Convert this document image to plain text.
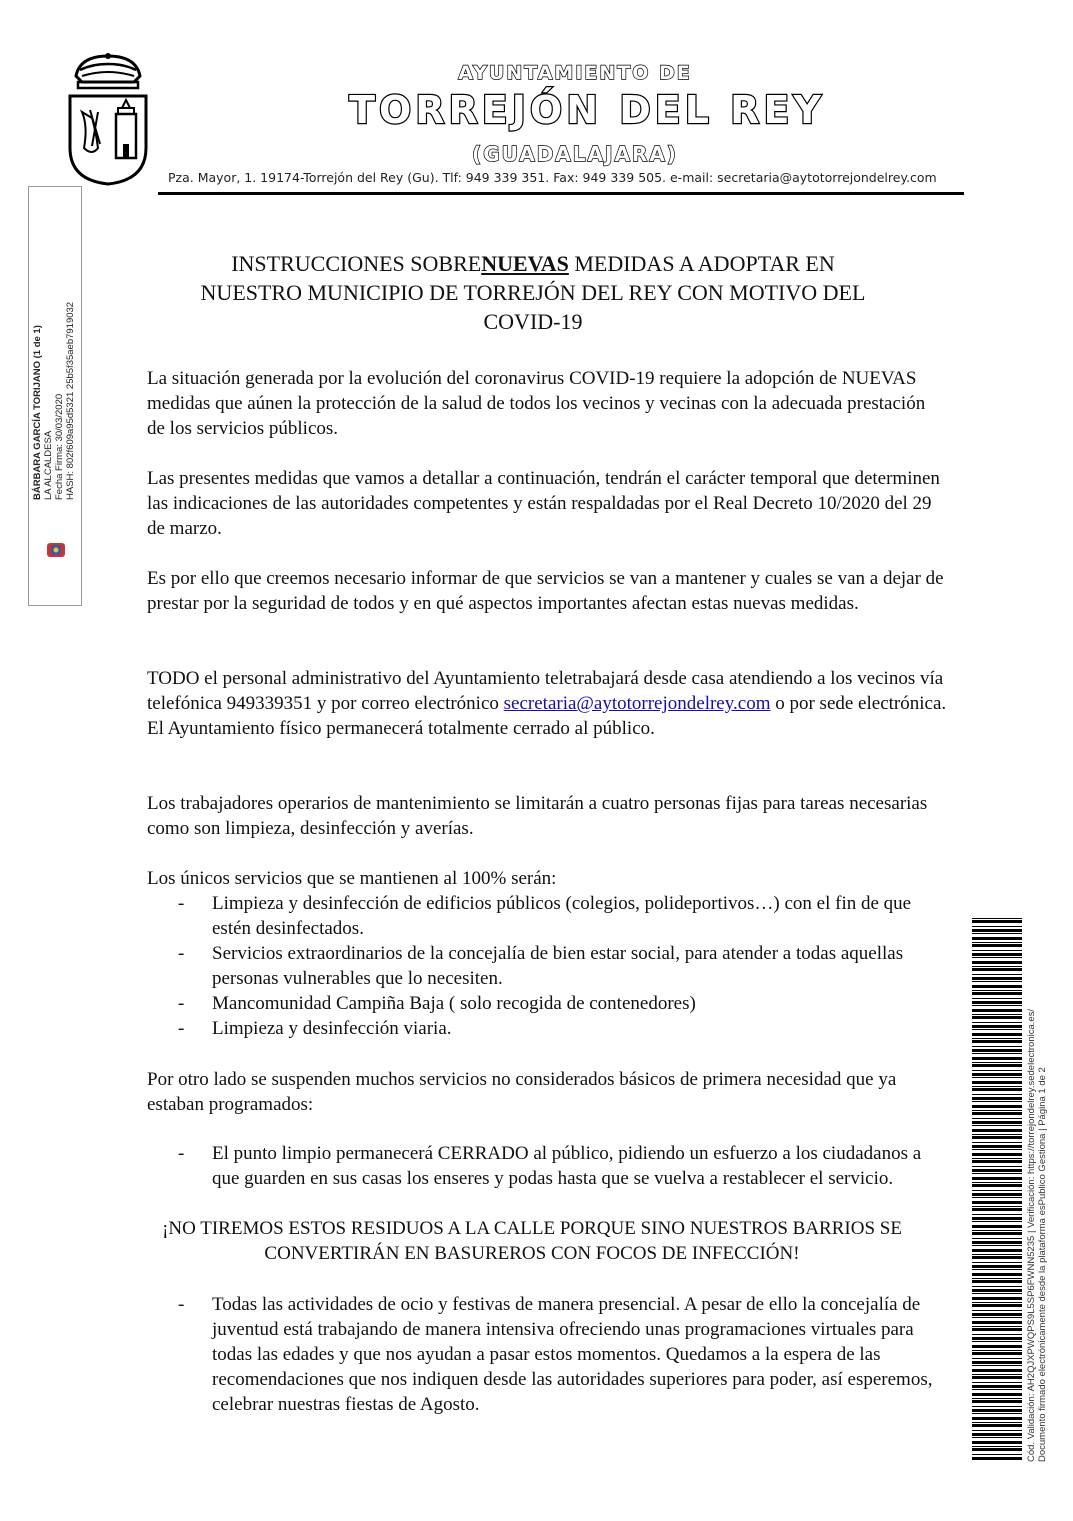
AYUNTAMIENTO DE
TORREJÓN DEL REY
(GUADALAJARA)
Pza. Mayor, 1. 19174-Torrejón del Rey (Gu). Tlf: 949 339 351. Fax: 949 339 505. e-mail: secretaria@aytotorrejondelrey.com
BÁRBARA GARCÍA TORIJANO (1 de 1) LA ALCALDESA Fecha Firma: 30/03/2020 HASH: 802f609a95d5321 25b5f35aeb7919032
Cód. Validación: AH2QJXPWQPS9L5SP6FWNN5235 | Verificación: https://torrejondelrey.sedelectronica.es/ Documento firmado electrónicamente desde la plataforma esPublico Gestiona | Página 1 de 2
INSTRUCCIONES SOBRENUEVAS MEDIDAS A ADOPTAR EN
NUESTRO MUNICIPIO DE TORREJÓN DEL REY CON MOTIVO DEL
COVID-19
La situación generada por la evolución del coronavirus COVID-19 requiere la adopción de NUEVAS medidas que aúnen la protección de la salud de todos los vecinos y vecinas con la adecuada prestación de los servicios públicos.
Las presentes medidas que vamos a detallar a continuación, tendrán el carácter temporal que determinen las indicaciones de las autoridades competentes y están respaldadas por el Real Decreto 10/2020 del 29 de marzo.
Es por ello que creemos necesario informar de que servicios se van a mantener y cuales se van a dejar de prestar por la seguridad de todos y en qué aspectos importantes afectan estas nuevas medidas.
TODO el personal administrativo del Ayuntamiento teletrabajará desde casa atendiendo a los vecinos vía telefónica 949339351 y por correo electrónico secretaria@aytotorrejondelrey.com o por sede electrónica.
El Ayuntamiento físico permanecerá totalmente cerrado al público.
Los trabajadores operarios de mantenimiento se limitarán a cuatro personas fijas para tareas necesarias como son limpieza, desinfección y averías.
Los únicos servicios que se mantienen al 100% serán:
- Limpieza y desinfección de edificios públicos (colegios, polideportivos…) con el fin de que estén desinfectados.
- Servicios extraordinarios de la concejalía de bien estar social, para atender a todas aquellas personas vulnerables que lo necesiten.
- Mancomunidad Campiña Baja ( solo recogida de contenedores)
- Limpieza y desinfección viaria.
Por otro lado se suspenden muchos servicios no considerados básicos de primera necesidad que ya estaban programados:
- El punto limpio permanecerá CERRADO al público, pidiendo un esfuerzo a los ciudadanos a que guarden en sus casas los enseres y podas hasta que se vuelva a restablecer el servicio.
¡NO TIREMOS ESTOS RESIDUOS A LA CALLE PORQUE SINO NUESTROS BARRIOS SE CONVERTIRÁN EN BASUREROS CON FOCOS DE INFECCIÓN!
- Todas las actividades de ocio y festivas de manera presencial. A pesar de ello la concejalía de juventud está trabajando de manera intensiva ofreciendo unas programaciones virtuales para todas las edades y que nos ayudan a pasar estos momentos. Quedamos a la espera de las recomendaciones que nos indiquen desde las autoridades superiores para poder, así esperemos, celebrar nuestras fiestas de Agosto.
